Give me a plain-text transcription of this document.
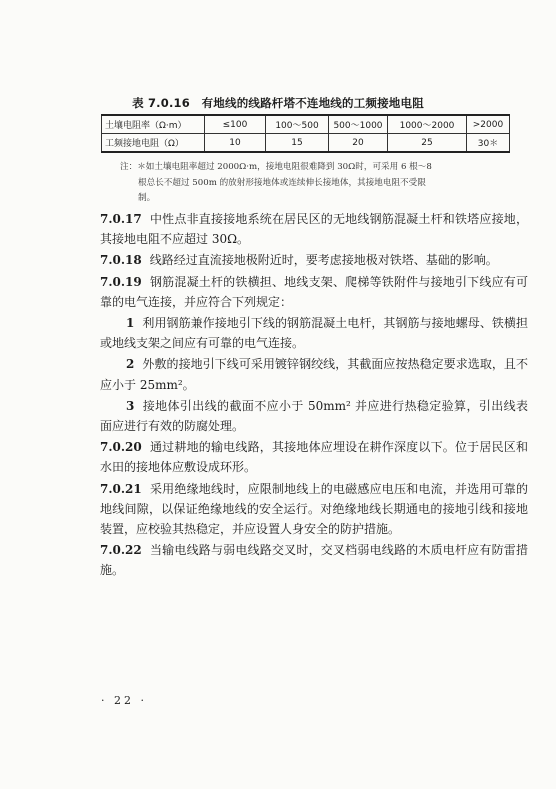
表 7.0.16　有地线的线路杆塔不连地线的工频接地电阻
土壤电阻率（Ω·m）	≤100	100～500	500～1000	1000～2000	>2000
工频接地电阻（Ω）	10	15	20	25	30＊
注：＊如土壤电阻率超过 2000Ω·m，接地电阻很难降到 30Ω时，可采用 6 根～8
根总长不超过 500m 的放射形接地体或连续伸长接地体，其接地电阻不受限
制。

7.0.17 中性点非直接接地系统在居民区的无地线钢筋混凝土杆和铁塔应接地，其接地电阻不应超过 30Ω。

7.0.18 线路经过直流接地极附近时，要考虑接地极对铁塔、基础的影响。

7.0.19 钢筋混凝土杆的铁横担、地线支架、爬梯等铁附件与接地引下线应有可靠的电气连接，并应符合下列规定：

1 利用钢筋兼作接地引下线的钢筋混凝土电杆，其钢筋与接地螺母、铁横担或地线支架之间应有可靠的电气连接。

2 外敷的接地引下线可采用镀锌钢绞线，其截面应按热稳定要求选取，且不应小于 25mm²。

3 接地体引出线的截面不应小于 50mm² 并应进行热稳定验算，引出线表面应进行有效的防腐处理。

7.0.20 通过耕地的输电线路，其接地体应埋设在耕作深度以下。位于居民区和水田的接地体应敷设成环形。

7.0.21 采用绝缘地线时，应限制地线上的电磁感应电压和电流，并选用可靠的地线间隙，以保证绝缘地线的安全运行。对绝缘地线长期通电的接地引线和接地装置，应校验其热稳定，并应设置人身安全的防护措施。

7.0.22 当输电线路与弱电线路交叉时，交叉档弱电线路的木质电杆应有防雷措施。

· 22 ·
